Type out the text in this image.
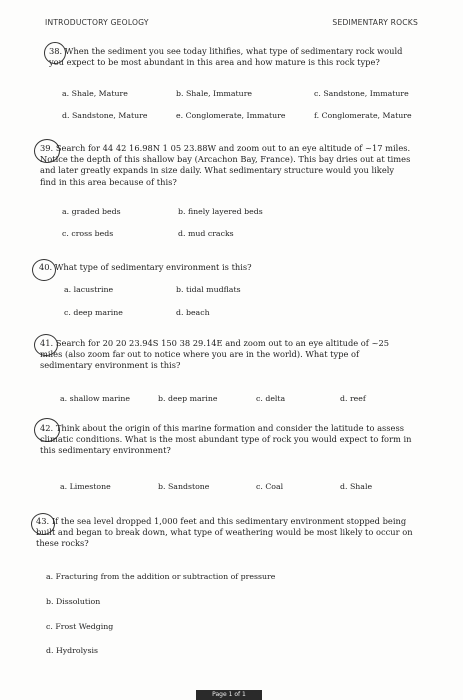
INTRODUCTORY GEOLOGY	SEDIMENTARY ROCKS
38. When the sediment you see today lithifies, what type of sedimentary rock would you expect to be most abundant in this area and how mature is this rock type?
a. Shale, Mature	b. Shale, Immature	c. Sandstone, Immature
d. Sandstone, Mature	e. Conglomerate, Immature	f. Conglomerate, Mature
39. Search for 44 42 16.98N 1 05 23.88W and zoom out to an eye altitude of ~17 miles. Notice the depth of this shallow bay (Arcachon Bay, France). This bay dries out at times and later greatly expands in size daily. What sedimentary structure would you likely find in this area because of this?
a. graded beds	b. finely layered beds
c. cross beds	d. mud cracks
40. What type of sedimentary environment is this?
a. lacustrine	b. tidal mudflats
c. deep marine	d. beach
41. Search for 20 20 23.94S 150 38 29.14E and zoom out to an eye altitude of ~25 miles (also zoom far out to notice where you are in the world). What type of sedimentary environment is this?
a. shallow marine	b. deep marine	c. delta	d. reef
42. Think about the origin of this marine formation and consider the latitude to assess climatic conditions. What is the most abundant type of rock you would expect to form in this sedimentary environment?
a. Limestone	b. Sandstone	c. Coal	d. Shale
43. If the sea level dropped 1,000 feet and this sedimentary environment stopped being built and began to break down, what type of weathering would be most likely to occur on these rocks?
a. Fracturing from the addition or subtraction of pressure
b. Dissolution
c. Frost Wedging
d. Hydrolysis
Page 1 of 1
